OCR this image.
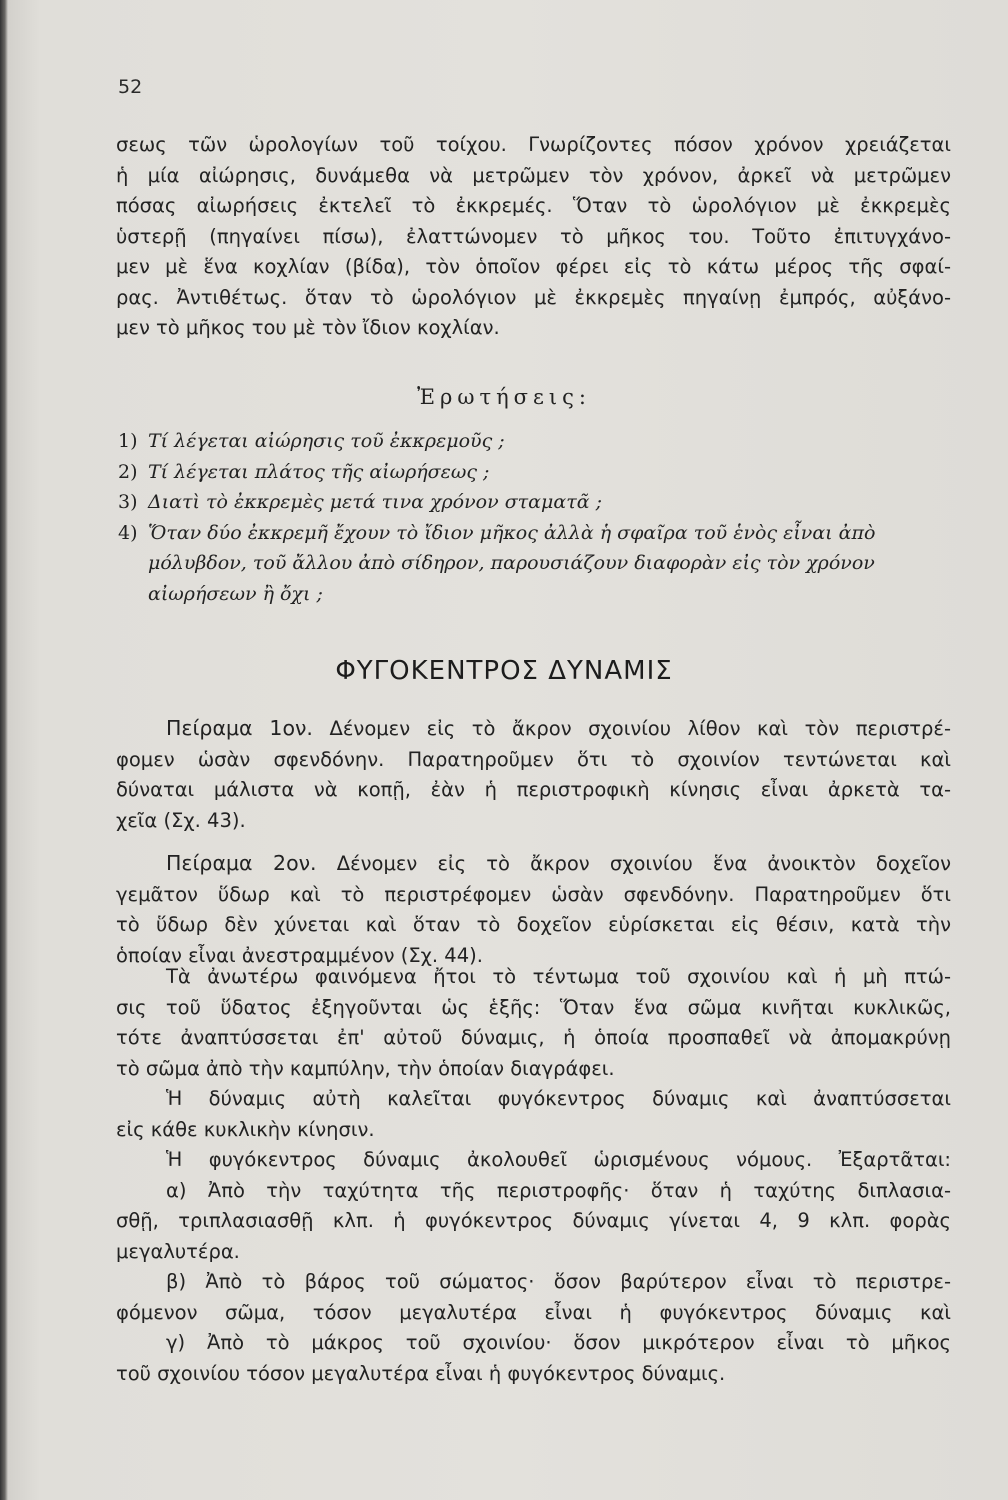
52
σεως τῶν ὡρολογίων τοῦ τοίχου. Γνωρίζοντες πόσον χρόνον χρειάζεται
ἡ μία αἰώρησις, δυνάμεθα νὰ μετρῶμεν τὸν χρόνον, ἀρκεῖ νὰ μετρῶμεν
πόσας αἰωρήσεις ἐκτελεῖ τὸ ἐκκρεμές. Ὅταν τὸ ὡρολόγιον μὲ ἐκκρεμὲς
ὑστερῇ (πηγαίνει πίσω), ἐλαττώνομεν τὸ μῆκος του. Τοῦτο ἐπιτυγχάνο-
μεν μὲ ἕνα κοχλίαν (βίδα), τὸν ὁποῖον φέρει εἰς τὸ κάτω μέρος τῆς σφαί-
ρας. Ἀντιθέτως. ὅταν τὸ ὡρολόγιον μὲ ἐκκρεμὲς πηγαίνῃ ἐμπρός, αὐξάνο-
μεν τὸ μῆκος του μὲ τὸν ἴδιον κοχλίαν.
Ἐρωτήσεις:
1) Τί λέγεται αἰώρησις τοῦ ἐκκρεμοῦς ;
2) Τί λέγεται πλάτος τῆς αἰωρήσεως ;
3) Διατὶ τὸ ἐκκρεμὲς μετά τινα χρόνον σταματᾶ ;
4) Ὅταν δύο ἐκκρεμῆ ἔχουν τὸ ἴδιον μῆκος ἀλλὰ ἡ σφαῖρα τοῦ ἑνὸς εἶναι ἀπὸ
μόλυβδον, τοῦ ἄλλου ἀπὸ σίδηρον, παρουσιάζουν διαφορὰν εἰς τὸν χρόνον
αἰωρήσεων ἢ ὄχι ;
ΦΥΓΟΚΕΝΤΡΟΣ ΔΥΝΑΜΙΣ
Πείραμα 1ον. Δένομεν εἰς τὸ ἄκρον σχοινίου λίθον καὶ τὸν περιστρέ-
φομεν ὡσὰν σφενδόνην. Παρατηροῦμεν ὅτι τὸ σχοινίον τεντώνεται καὶ
δύναται μάλιστα νὰ κοπῇ, ἐὰν ἡ περιστροφικὴ κίνησις εἶναι ἀρκετὰ τα-
χεῖα (Σχ. 43).
Πείραμα 2ον. Δένομεν εἰς τὸ ἄκρον σχοινίου ἕνα ἀνοικτὸν δοχεῖον
γεμᾶτον ὕδωρ καὶ τὸ περιστρέφομεν ὡσὰν σφενδόνην. Παρατηροῦμεν ὅτι
τὸ ὕδωρ δὲν χύνεται καὶ ὅταν τὸ δοχεῖον εὑρίσκεται εἰς θέσιν, κατὰ τὴν
ὁποίαν εἶναι ἀνεστραμμένον (Σχ. 44).
Τὰ ἀνωτέρω φαινόμενα ἤτοι τὸ τέντωμα τοῦ σχοινίου καὶ ἡ μὴ πτώ-
σις τοῦ ὕδατος ἐξηγοῦνται ὡς ἑξῆς: Ὅταν ἕνα σῶμα κινῆται κυκλικῶς,
τότε ἀναπτύσσεται ἐπ' αὐτοῦ δύναμις, ἡ ὁποία προσπαθεῖ νὰ ἀπομακρύνῃ
τὸ σῶμα ἀπὸ τὴν καμπύλην, τὴν ὁποίαν διαγράφει.
Ἡ δύναμις αὐτὴ καλεῖται φυγόκεντρος δύναμις καὶ ἀναπτύσσεται
εἰς κάθε κυκλικὴν κίνησιν.
Ἡ φυγόκεντρος δύναμις ἀκολουθεῖ ὡρισμένους νόμους. Ἐξαρτᾶται:
α) Ἀπὸ τὴν ταχύτητα τῆς περιστροφῆς· ὅταν ἡ ταχύτης διπλασια-
σθῇ, τριπλασιασθῇ κλπ. ἡ φυγόκεντρος δύναμις γίνεται 4, 9 κλπ. φορὰς
μεγαλυτέρα.
β) Ἀπὸ τὸ βάρος τοῦ σώματος· ὅσον βαρύτερον εἶναι τὸ περιστρε-
φόμενον σῶμα, τόσον μεγαλυτέρα εἶναι ἡ φυγόκεντρος δύναμις καὶ
γ) Ἀπὸ τὸ μάκρος τοῦ σχοινίου· ὅσον μικρότερον εἶναι τὸ μῆκος
τοῦ σχοινίου τόσον μεγαλυτέρα εἶναι ἡ φυγόκεντρος δύναμις.
